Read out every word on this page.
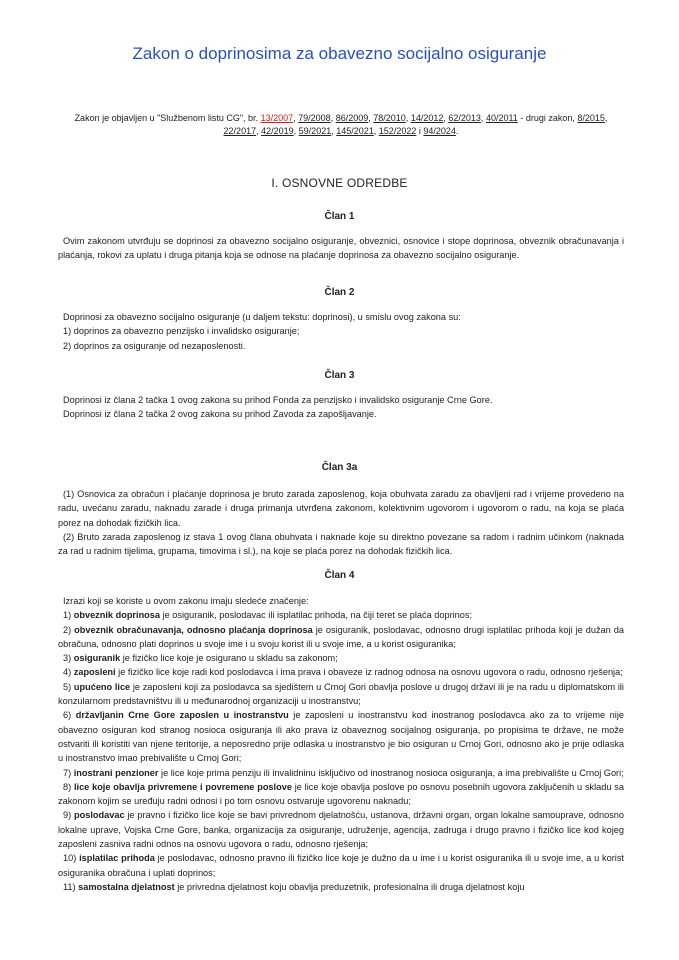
Zakon o doprinosima za obavezno socijalno osiguranje
Zakon je objavljen u "Službenom listu CG", br. 13/2007, 79/2008, 86/2009, 78/2010, 14/2012, 62/2013, 40/2011 - drugi zakon, 8/2015, 22/2017, 42/2019, 59/2021, 145/2021, 152/2022 i 94/2024.
I. OSNOVNE ODREDBE
Član 1

Ovim zakonom utvrđuju se doprinosi za obavezno socijalno osiguranje, obveznici, osnovice i stope doprinosa, obveznik obračunavanja i plaćanja, rokovi za uplatu i druga pitanja koja se odnose na plaćanje doprinosa za obavezno socijalno osiguranje.

Član 2

Doprinosi za obavezno socijalno osiguranje (u daljem tekstu: doprinosi), u smislu ovog zakona su:

1) doprinos za obavezno penzijsko i invalidsko osiguranje;

2) doprinos za osiguranje od nezaposlenosti.

Član 3

Doprinosi iz člana 2 tačka 1 ovog zakona su prihod Fonda za penzijsko i invalidsko osiguranje Crne Gore.

Doprinosi iz člana 2 tačka 2 ovog zakona su prihod Zavoda za zapošljavanje.

Član 3a

(1) Osnovica za obračun i plaćanje doprinosa je bruto zarada zaposlenog, koja obuhvata zaradu za obavljeni rad i vrijeme provedeno na radu, uvećanu zaradu, naknadu zarade i druga primanja utvrđena zakonom, kolektivnim ugovorom i ugovorom o radu, na koja se plaća porez na dohodak fizičkih lica.

(2) Bruto zarada zaposlenog iz stava 1 ovog člana obuhvata i naknade koje su direktno povezane sa radom i radnim učinkom (naknada za rad u radnim tijelima, grupama, timovima i sl.), na koje se plaća porez na dohodak fizičkih lica.

Član 4

Izrazi koji se koriste u ovom zakonu imaju sledeće značenje:

1) obveznik doprinosa je osiguranik, poslodavac ili isplatilac prihoda, na čiji teret se plaća doprinos;

2) obveznik obračunavanja, odnosno plaćanja doprinosa je osiguranik, poslodavac, odnosno drugi isplatilac prihoda koji je dužan da obračuna, odnosno plati doprinos u svoje ime i u svoju korist ili u svoje ime, a u korist osiguranika;

3) osiguranik je fizičko lice koje je osigurano u skladu sa zakonom;

4) zaposleni je fizičko lice koje radi kod poslodavca i ima prava i obaveze iz radnog odnosa na osnovu ugovora o radu, odnosno rješenja;

5) upućeno lice je zaposleni koji za poslodavca sa sjedištem u Crnoj Gori obavlja poslove u drugoj državi ili je na radu u diplomatskom ili konzularnom predstavništvu ili u međunarodnoj organizaciji u inostranstvu;

6) državljanin Crne Gore zaposlen u inostranstvu je zaposleni u inostranstvu kod inostranog poslodavca ako za to vrijeme nije obavezno osiguran kod stranog nosioca osiguranja ili ako prava iz obaveznog socijalnog osiguranja, po propisima te države, ne može ostvariti ili koristiti van njene teritorije, a neposredno prije odlaska u inostranstvo je bio osiguran u Crnoj Gori, odnosno ako je prije odlaska u inostranstvo imao prebivalište u Crnoj Gori;

7) inostrani penzioner je lice koje prima penziju ili invalidninu isključivo od inostranog nosioca osiguranja, a ima prebivalište u Crnoj Gori;

8) lice koje obavlja privremene i povremene poslove je lice koje obavlja poslove po osnovu posebnih ugovora zaključenih u skladu sa zakonom kojim se uređuju radni odnosi i po tom osnovu ostvaruje ugovorenu naknadu;

9) poslodavac je pravno i fizičko lice koje se bavi privrednom djelatnošću, ustanova, državni organ, organ lokalne samouprave, odnosno lokalne uprave, Vojska Crne Gore, banka, organizacija za osiguranje, udruženje, agencija, zadruga i drugo pravno i fizičko lice kod kojeg zaposleni zasniva radni odnos na osnovu ugovora o radu, odnosno rješenja;

10) isplatilac prihoda je poslodavac, odnosno pravno ili fizičko lice koje je dužno da u ime i u korist osiguranika ili u svoje ime, a u korist osiguranika obračuna i uplati doprinos;

11) samostalna djelatnost je privredna djelatnost koju obavlja preduzetnik, profesionalna ili druga djelatnost koju
